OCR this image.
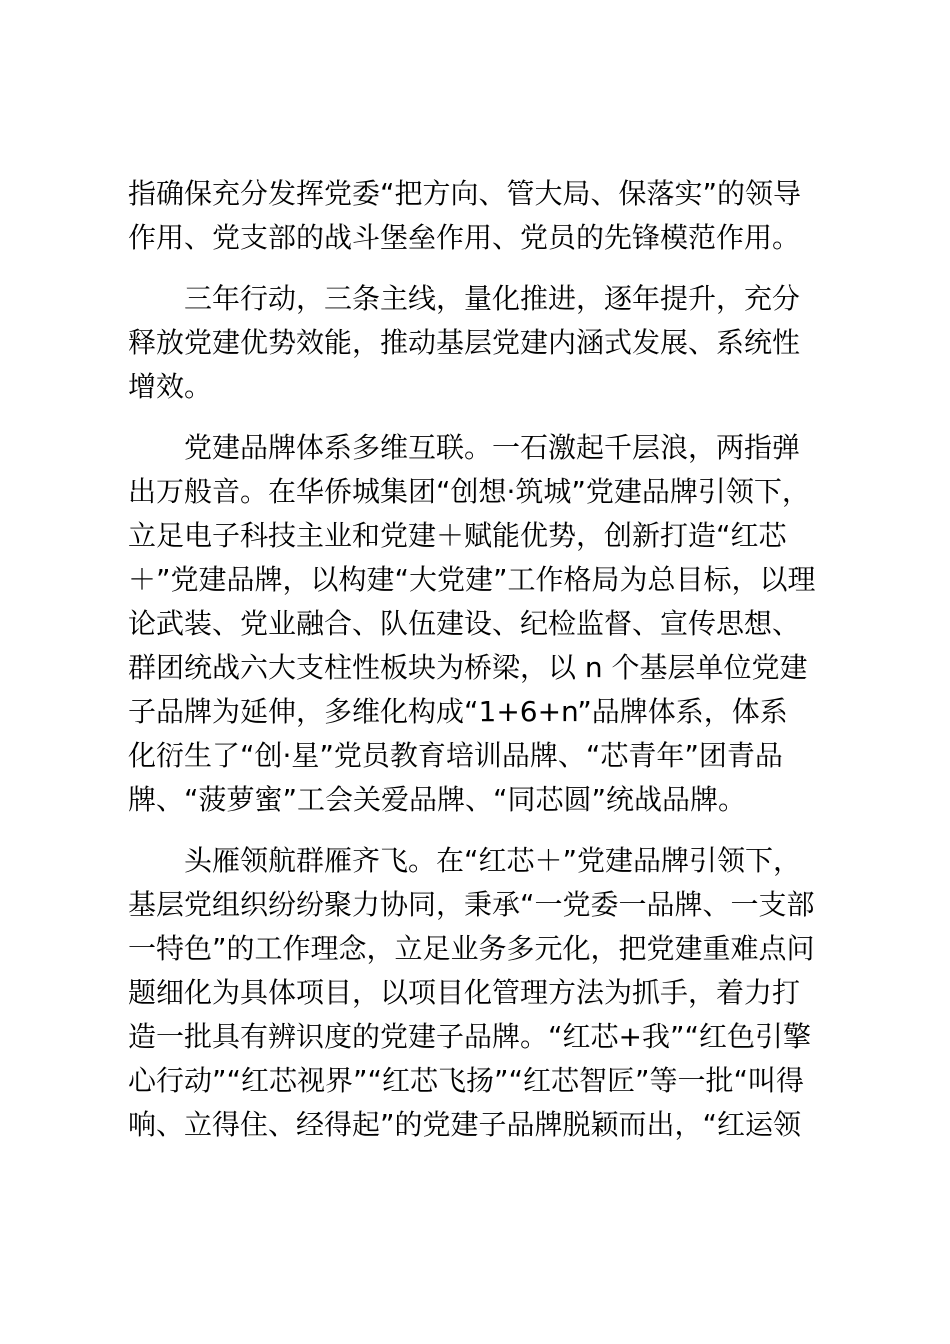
指确保充分发挥党委“把方向、管大局、保落实”的领导
作用、党支部的战斗堡垒作用、党员的先锋模范作用。
三年行动，三条主线，量化推进，逐年提升，充分
释放党建优势效能，推动基层党建内涵式发展、系统性
增效。
党建品牌体系多维互联。一石激起千层浪，两指弹
出万般音。在华侨城集团“创想·筑城”党建品牌引领下，
立足电子科技主业和党建＋赋能优势，创新打造“红芯
＋”党建品牌，以构建“大党建”工作格局为总目标，以理
论武装、党业融合、队伍建设、纪检监督、宣传思想、
群团统战六大支柱性板块为桥梁，以 n 个基层单位党建
子品牌为延伸，多维化构成“1+6+n”品牌体系，体系
化衍生了“创·星”党员教育培训品牌、“芯青年”团青品
牌、“菠萝蜜”工会关爱品牌、“同芯圆”统战品牌。
头雁领航群雁齐飞。在“红芯＋”党建品牌引领下，
基层党组织纷纷聚力协同，秉承“一党委一品牌、一支部
一特色”的工作理念，立足业务多元化，把党建重难点问
题细化为具体项目，以项目化管理方法为抓手，着力打
造一批具有辨识度的党建子品牌。“红芯+我”“红色引擎
心行动”“红芯视界”“红芯飞扬”“红芯智匠”等一批“叫得
响、立得住、经得起”的党建子品牌脱颖而出，“红运领
